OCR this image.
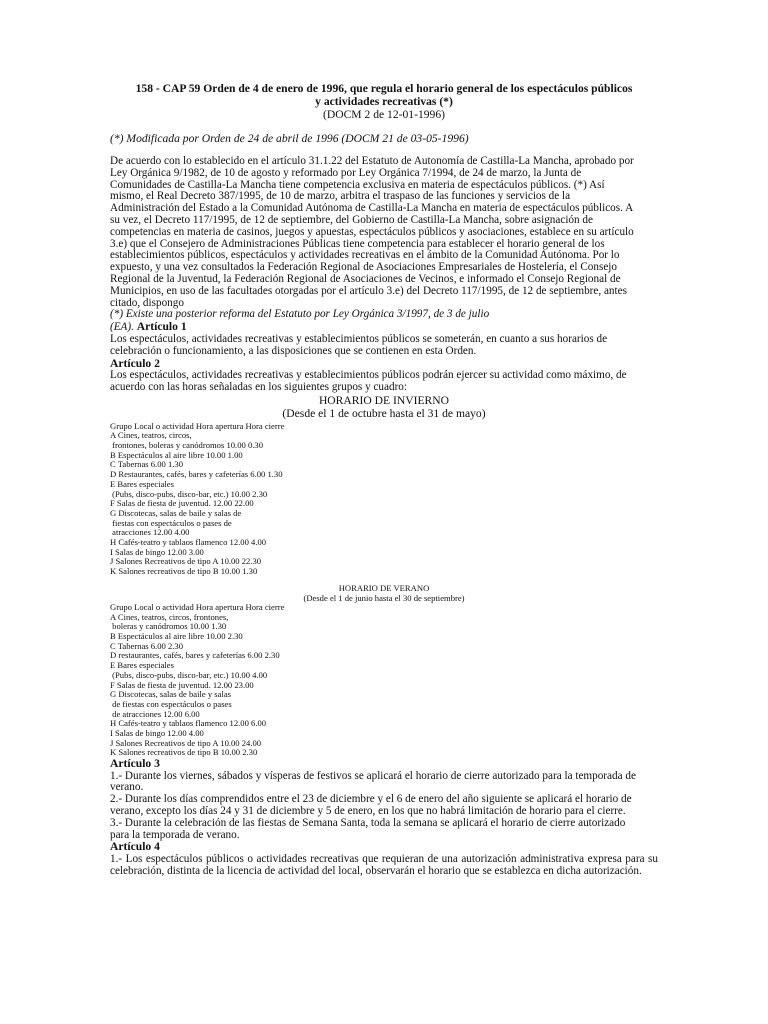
158 - CAP 59 Orden de 4 de enero de 1996, que regula el horario general de los espectáculos públicos
y actividades recreativas (*)
(DOCM 2 de 12-01-1996)
(*) Modificada por Orden de 24 de abril de 1996 (DOCM 21 de 03-05-1996)
De acuerdo con lo establecido en el artículo 31.1.22 del Estatuto de Autonomía de Castilla-La Mancha, aprobado por
Ley Orgánica 9/1982, de 10 de agosto y reformado por Ley Orgánica 7/1994, de 24 de marzo, la Junta de
Comunidades de Castilla-La Mancha tiene competencia exclusiva en materia de espectáculos públicos. (*) Así
mismo, el Real Decreto 387/1995, de 10 de marzo, arbitra el traspaso de las funciones y servicios de la
Administración del Estado a la Comunidad Autónoma de Castilla-La Mancha en materia de espectáculos públicos. A
su vez, el Decreto 117/1995, de 12 de septiembre, del Gobierno de Castilla-La Mancha, sobre asignación de
competencias en materia de casinos, juegos y apuestas, espectáculos públicos y asociaciones, establece en su artículo
3.e) que el Consejero de Administraciones Públicas tiene competencia para establecer el horario general de los
establecimientos públicos, espectáculos y actividades recreativas en el ámbito de la Comunidad Autónoma. Por lo
expuesto, y una vez consultados la Federación Regional de Asociaciones Empresariales de Hostelería, el Consejo
Regional de la Juventud, la Federación Regional de Asociaciones de Vecinos, e informado el Consejo Regional de
Municipios, en uso de las facultades otorgadas por el artículo 3.e) del Decreto 117/1995, de 12 de septiembre, antes
citado, dispongo
(*) Existe una posterior reforma del Estatuto por Ley Orgánica 3/1997, de 3 de julio
(EA). Artículo 1
Los espectáculos, actividades recreativas y establecimientos públicos se someterán, en cuanto a sus horarios de
celebración o funcionamiento, a las disposiciones que se contienen en esta Orden.
Artículo 2
Los espectáculos, actividades recreativas y establecimientos públicos podrán ejercer su actividad como máximo, de
acuerdo con las horas señaladas en los siguientes grupos y cuadro:
HORARIO DE INVIERNO
(Desde el 1 de octubre hasta el 31 de mayo)
Grupo Local o actividad Hora apertura Hora cierre
A Cines, teatros, circos,
frontones, boleras y canódromos 10.00 0.30
B Espectáculos al aire libre 10.00 1.00
C Tabernas 6.00 1.30
D Restaurantes, cafés, bares y cafeterías 6.00 1.30
E Bares especiales
(Pubs, disco-pubs, disco-bar, etc.) 10.00 2.30
F Salas de fiesta de juventud. 12.00 22.00
G Discotecas, salas de baile y salas de
fiestas con espectáculos o pases de
atracciones 12.00 4.00
H Cafés-teatro y tablaos flamenco 12.00 4.00
I Salas de bingo 12.00 3.00
J Salones Recreativos de tipo A 10.00 22.30
K Salones recreativos de tipo B 10.00 1.30
HORARIO DE VERANO
(Desde el 1 de junio hasta el 30 de septiembre)
Grupo Local o actividad Hora apertura Hora cierre
A Cines, teatros, circos, frontones,
boleras y canódromos 10.00 1.30
B Espectáculos al aire libre 10.00 2.30
C Tabernas 6.00 2.30
D restaurantes, cafés, bares y cafeterías 6.00 2.30
E Bares especiales
(Pubs, disco-pubs, disco-bar, etc.) 10.00 4.00
F Salas de fiesta de juventud. 12.00 23.00
G Discotecas, salas de baile y salas
de fiestas con espectáculos o pases
de atracciones 12.00 6.00
H Cafés-teatro y tablaos flamenco 12.00 6.00
I Salas de bingo 12.00 4.00
J Salones Recreativos de tipo A 10.00 24.00
K Salones recreativos de tipo B 10.00 2.30
Artículo 3
1.- Durante los viernes, sábados y vísperas de festivos se aplicará el horario de cierre autorizado para la temporada de
verano.
2.- Durante los días comprendidos entre el 23 de diciembre y el 6 de enero del año siguiente se aplicará el horario de
verano, excepto los días 24 y 31 de diciembre y 5 de enero, en los que no habrá limitación de horario para el cierre.
3.- Durante la celebración de las fiestas de Semana Santa, toda la semana se aplicará el horario de cierre autorizado
para la temporada de verano.
Artículo 4
1.- Los espectáculos públicos o actividades recreativas que requieran de una autorización administrativa expresa para su celebración, distinta de la licencia de actividad del local, observarán el horario que se establezca en dicha autorización.
